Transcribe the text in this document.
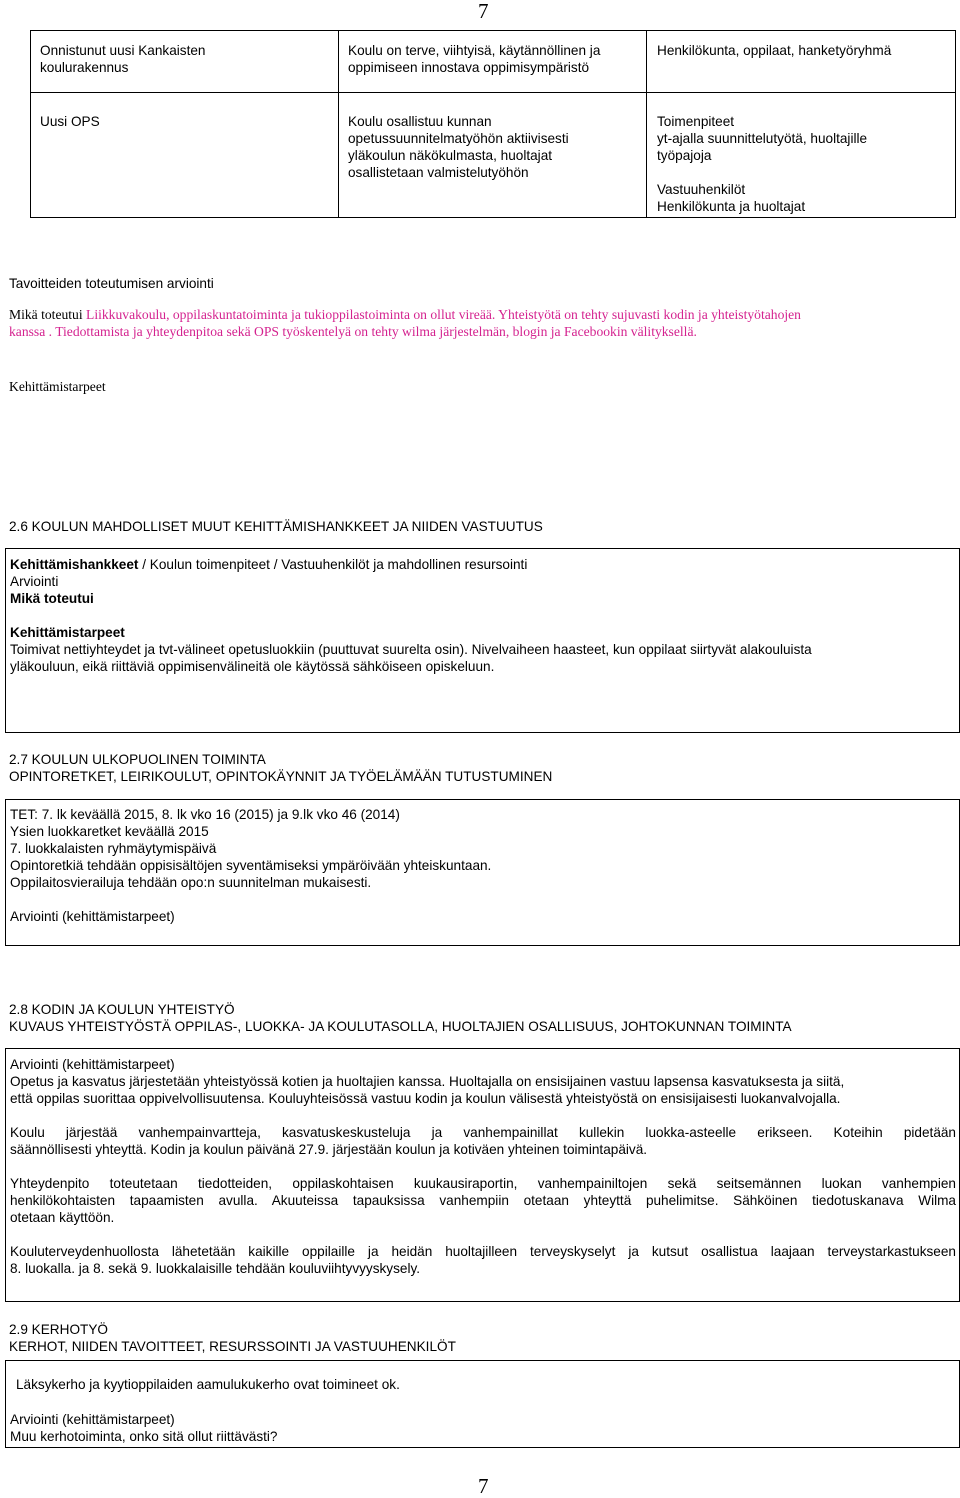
7

Onnistunut uusi Kankaisten

koulurakennus

Koulu on terve, viihtyisä, käytännöllinen ja

oppimiseen innostava oppimisympäristö

Henkilökunta, oppilaat, hanketyöryhmä

Uusi OPS	Koulu osallistuu kunnan

opetussuunnitelmatyöhön aktiivisesti

yläkoulun näkökulmasta, huoltajat

osallistetaan valmistelutyöhön

Toimenpiteet

yt-ajalla suunnittelutyötä, huoltajille

työpajoja

Vastuuhenkilöt

Henkilökunta ja huoltajat

Tavoitteiden toteutumisen arviointi

Mikä toteutui Liikkuvakoulu, oppilaskuntatoiminta ja tukioppilastoiminta on ollut vireää. Yhteistyötä on tehty sujuvasti kodin ja yhteistyötahojen

kanssa . Tiedottamista ja yhteydenpitoa sekä OPS työskentelyä on tehty wilma järjestelmän, blogin ja Facebookin välityksellä.

Kehittämistarpeet
2.6 KOULUN MAHDOLLISET MUUT KEHITTÄMISHANKKEET JA NIIDEN VASTUUTUS

Kehittämishankkeet / Koulun toimenpiteet / Vastuuhenkilöt ja mahdollinen resursointi

Arviointi

Mikä toteutui

Kehittämistarpeet

Toimivat nettiyhteydet ja tvt-välineet opetusluokkiin (puuttuvat suurelta osin). Nivelvaiheen haasteet, kun oppilaat siirtyvät alakouluista

yläkouluun, eikä riittäviä oppimisenvälineitä ole käytössä sähköiseen opiskeluun.

2.7 KOULUN ULKOPUOLINEN TOIMINTA

OPINTORETKET, LEIRIKOULUT, OPINTOKÄYNNIT JA TYÖELÄMÄÄN TUTUSTUMINEN

TET: 7. lk keväällä 2015, 8. lk vko 16 (2015) ja 9.lk vko 46 (2014)

Ysien luokkaretket keväällä 2015

7. luokkalaisten ryhmäytymispäivä

Opintoretkiä tehdään oppisisältöjen syventämiseksi ympäröivään yhteiskuntaan.

Oppilaitosvierailuja tehdään opo:n suunnitelman mukaisesti.

Arviointi (kehittämistarpeet)

2.8 KODIN JA KOULUN YHTEISTYÖ

KUVAUS YHTEISTYÖSTÄ OPPILAS-, LUOKKA- JA KOULUTASOLLA, HUOLTAJIEN OSALLISUUS, JOHTOKUNNAN TOIMINTA

Arviointi (kehittämistarpeet)

Opetus ja kasvatus järjestetään yhteistyössä kotien ja huoltajien kanssa. Huoltajalla on ensisijainen vastuu lapsensa kasvatuksesta ja siitä,

että oppilas suorittaa oppivelvollisuutensa. Kouluyhteisössä vastuu kodin ja koulun välisestä yhteistyöstä on ensisijaisesti luokanvalvojalla.

Koulu järjestää vanhempainvartteja, kasvatuskeskusteluja ja vanhempainillat kullekin luokka-asteelle erikseen. Koteihin pidetään

säännöllisesti yhteyttä. Kodin ja koulun päivänä 27.9. järjestään koulun ja kotiväen yhteinen toimintapäivä.

Yhteydenpito toteutetaan tiedotteiden, oppilaskohtaisen kuukausiraportin, vanhempainiltojen sekä seitsemännen luokan vanhempien

henkilökohtaisten tapaamisten avulla. Akuuteissa tapauksissa vanhempiin otetaan yhteyttä puhelimitse. Sähköinen tiedotuskanava Wilma

otetaan käyttöön.

Kouluterveydenhuollosta lähetetään kaikille oppilaille ja heidän huoltajilleen terveyskyselyt ja kutsut osallistua laajaan terveystarkastukseen

8. luokalla. ja 8. sekä 9. luokkalaisille tehdään kouluviihtyvyyskysely.

2.9 KERHOTYÖ

KERHOT, NIIDEN TAVOITTEET, RESURSSOINTI JA VASTUUHENKILÖT

Läksykerho ja kyytioppilaiden aamulukukerho ovat toimineet ok.

Arviointi (kehittämistarpeet)

Muu kerhotoiminta, onko sitä ollut riittävästi?

7
